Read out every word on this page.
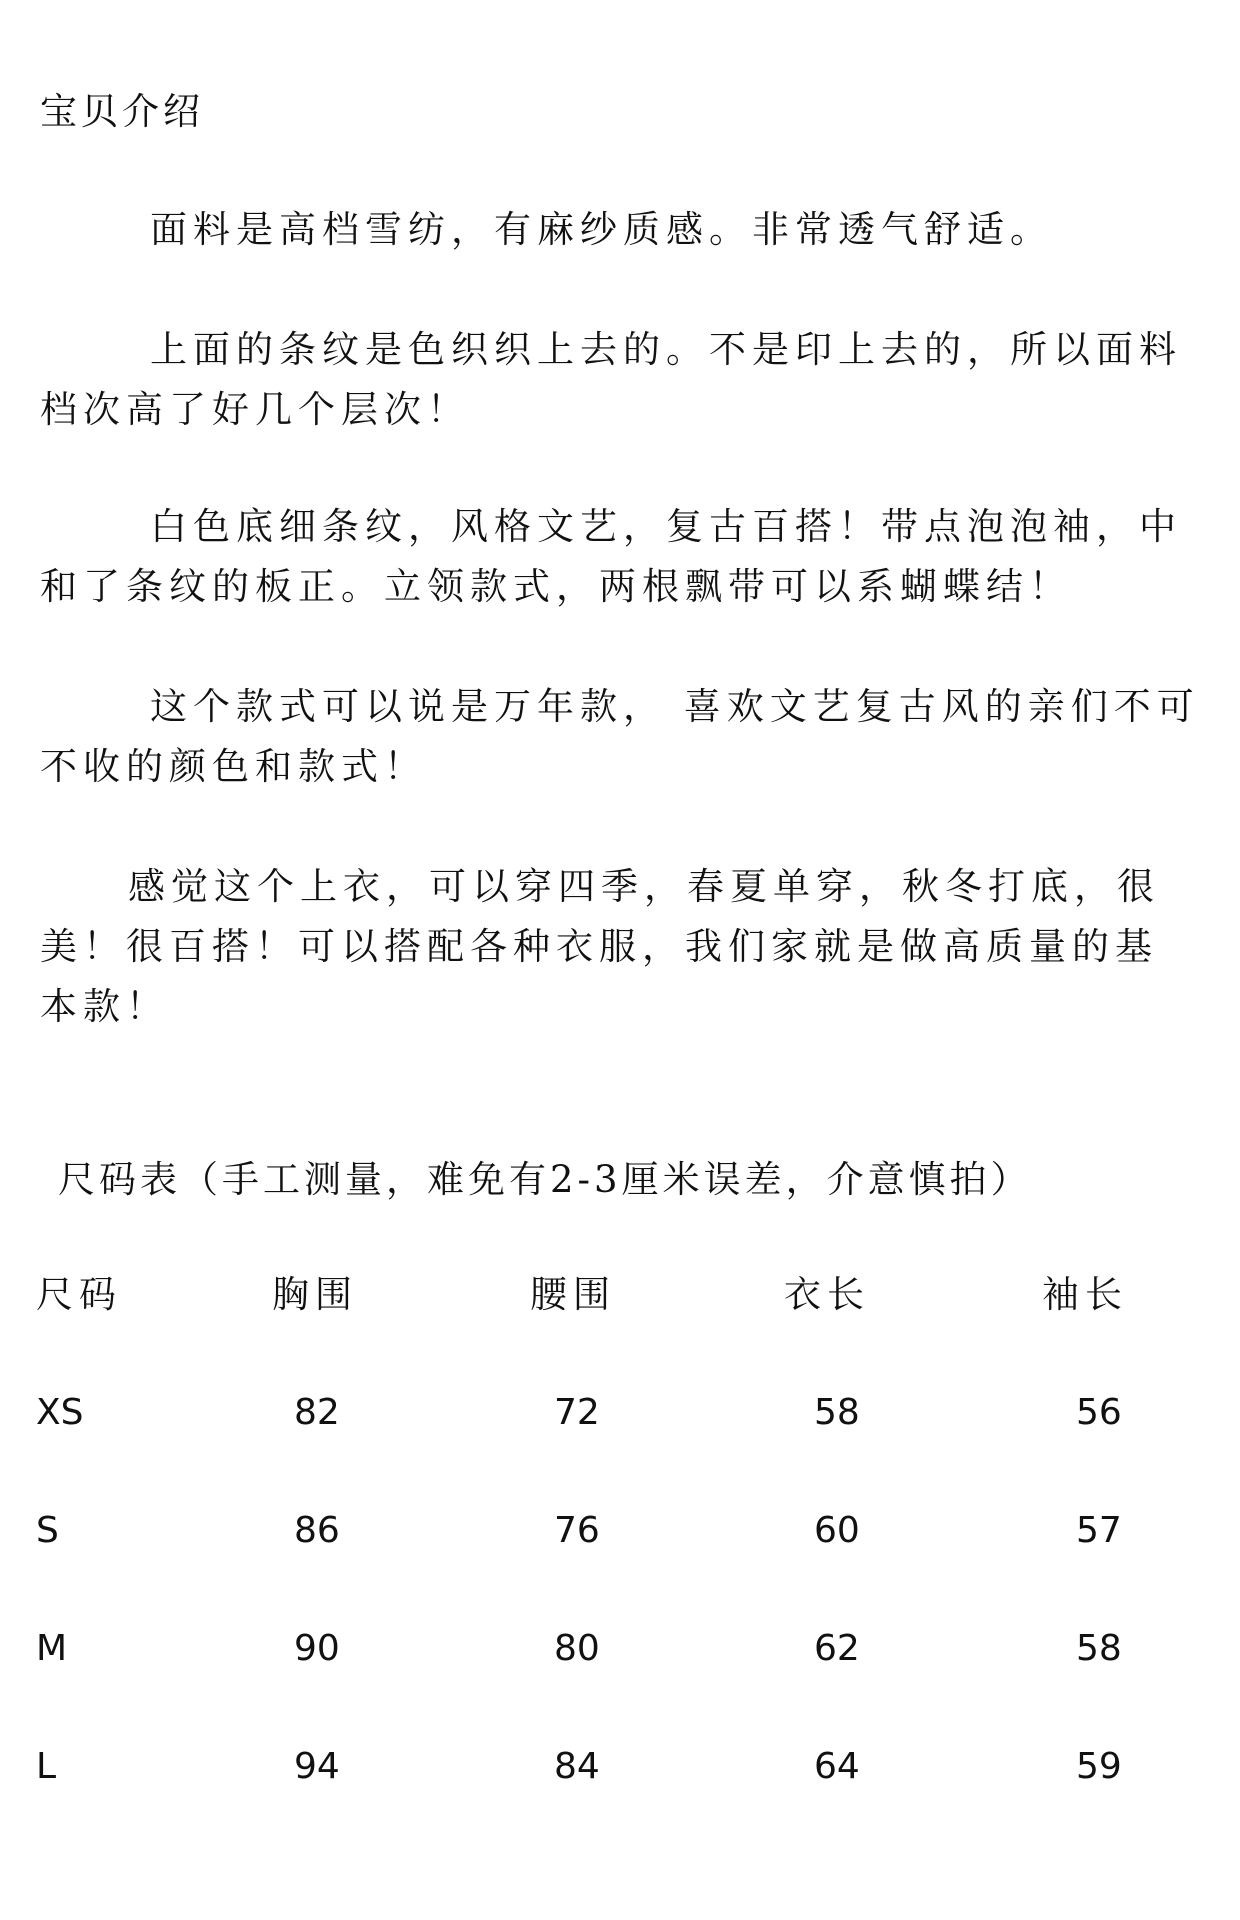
宝贝介绍

面料是高档雪纺，有麻纱质感。非常透气舒适。

上面的条纹是色织织上去的。不是印上去的，所以面料档次高了好几个层次！

白色底细条纹，风格文艺，复古百搭！带点泡泡袖，中和了条纹的板正。立领款式，两根飘带可以系蝴蝶结！

这个款式可以说是万年款， 喜欢文艺复古风的亲们不可不收的颜色和款式！

感觉这个上衣，可以穿四季，春夏单穿，秋冬打底，很美！很百搭！可以搭配各种衣服，我们家就是做高质量的基本款！

尺码表（手工测量，难免有2-3厘米误差，介意慎拍）
尺码	胸围	腰围	衣长	袖长
XS	82	72	58	56
S	86	76	60	57
M	90	80	62	58
L	94	84	64	59
